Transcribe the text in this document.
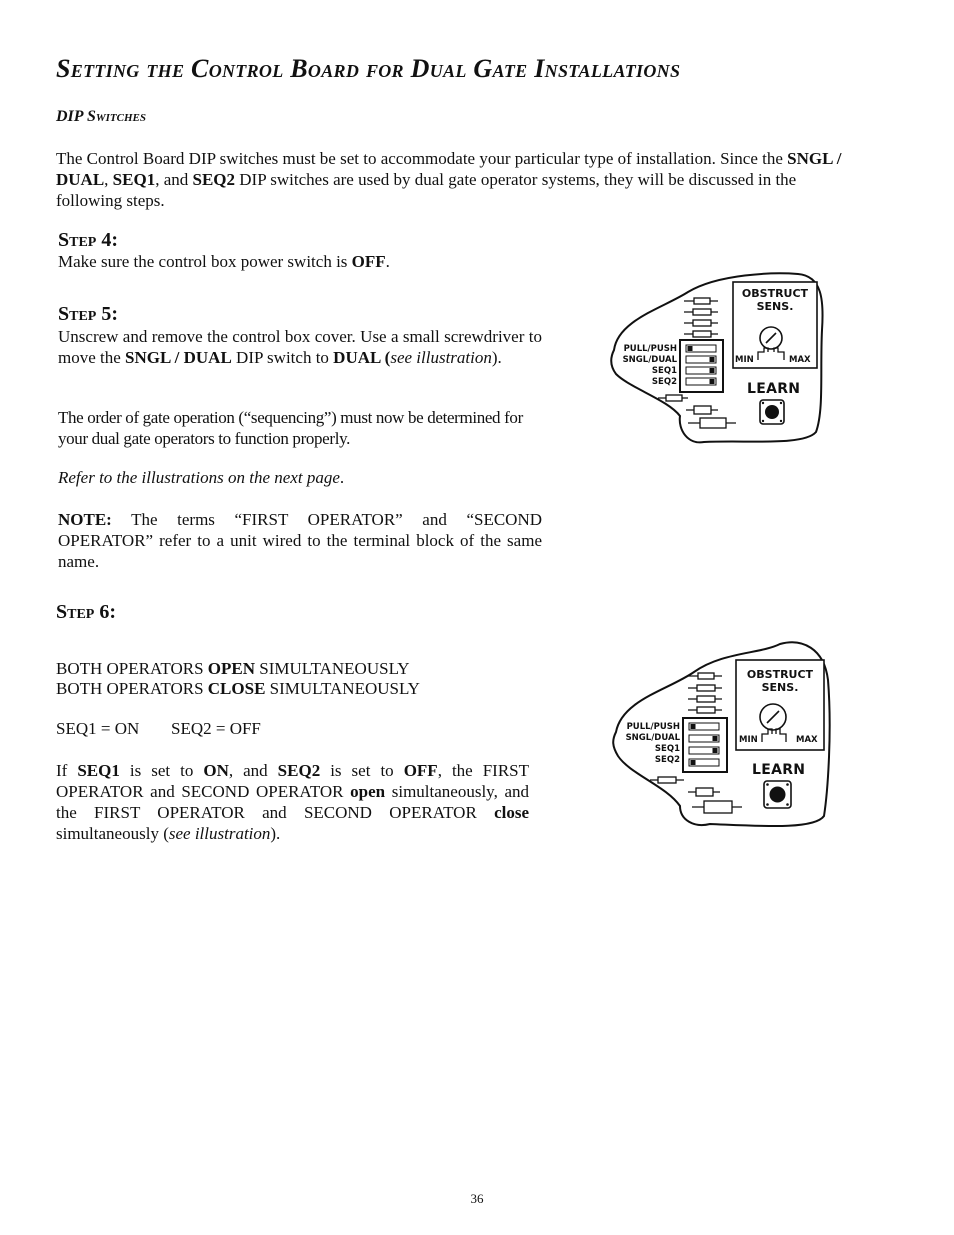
Setting the Control Board for Dual Gate Installations
DIP Switches
The Control Board DIP switches must be set to accommodate your particular type of installation. Since the SNGL / DUAL, SEQ1, and SEQ2 DIP switches are used by dual gate operator systems, they will be discussed in the following steps.
Step 4:
Make sure the control box power switch is OFF.
Step 5:
Unscrew and remove the control box cover. Use a small screwdriver to move the SNGL / DUAL DIP switch to DUAL (see illustration).
The order of gate operation (“sequencing”) must now be determined for your dual gate operators to function properly.
Refer to the illustrations on the next page.
NOTE: The terms “FIRST OPERATOR” and “SECOND OPERATOR” refer to a unit wired to the terminal block of the same name.
Step 6:
BOTH OPERATORS OPEN SIMULTANEOUSLY
BOTH OPERATORS CLOSE SIMULTANEOUSLY
SEQ1 = ON SEQ2 = OFF
If SEQ1 is set to ON, and SEQ2 is set to OFF, the FIRST OPERATOR and SECOND OPERATOR open simultaneously, and the FIRST OPERATOR and SECOND OPERATOR close simultaneously (see illustration).
PULL/PUSH
SNGL/DUAL
SEQ1
SEQ2
OBSTRUCT
SENS.
MIN	MAX
LEARN
PULL/PUSH
SNGL/DUAL
SEQ1
SEQ2
OBSTRUCT
SENS.
MIN	MAX
LEARN
36
